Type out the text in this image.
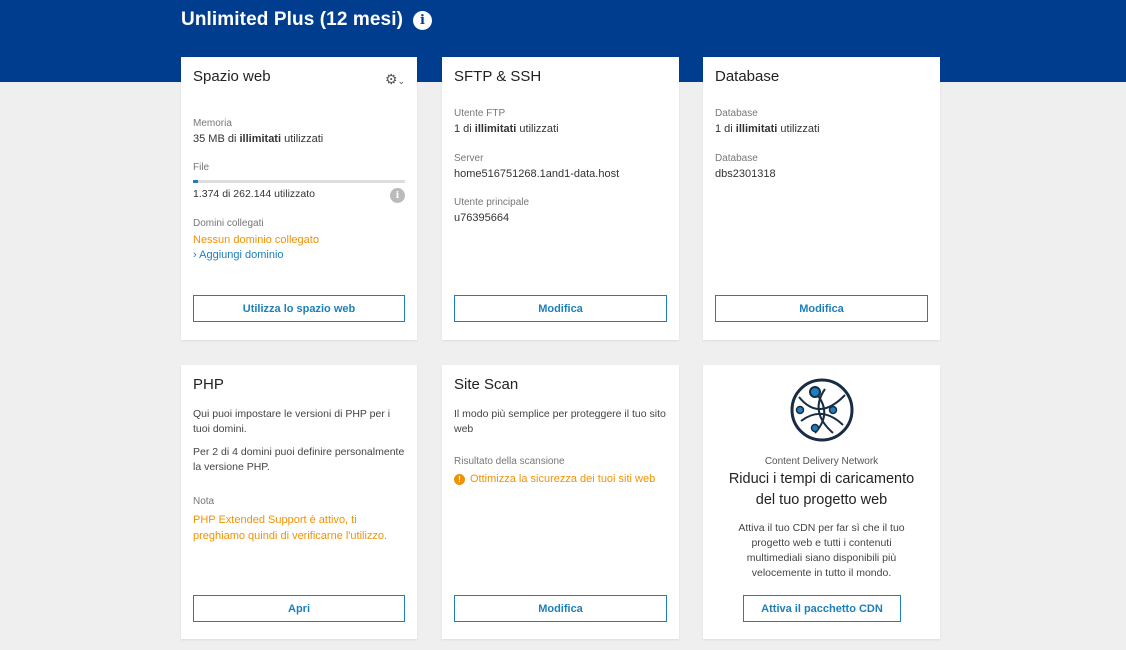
Unlimited Plus (12 mesi)	i
Spazio web	⚙⌄
Memoria
35 MB di illimitati utilizzati
File
1.374 di 262.144 utilizzato	i
Domini collegati
Nessun dominio collegato
› Aggiungi dominio
Utilizza lo spazio web
SFTP & SSH
Utente FTP
1 di illimitati utilizzati
Server
home516751268.1and1-data.host
Utente principale
u76395664
Modifica
Database
Database
1 di illimitati utilizzati
Database
dbs2301318
Modifica
PHP
Qui puoi impostare le versioni di PHP per i tuoi domini.
Per 2 di 4 domini puoi definire personalmente la versione PHP.
Nota
PHP Extended Support è attivo, ti preghiamo quindi di verificarne l'utilizzo.
Apri
Site Scan
Il modo più semplice per proteggere il tuo sito web
Risultato della scansione
! Ottimizza la sicurezza dei tuoi siti web
Modifica
Content Delivery Network
Riduci i tempi di caricamento del tuo progetto web
Attiva il tuo CDN per far sì che il tuo progetto web e tutti i contenuti multimediali siano disponibili più velocemente in tutto il mondo.
Attiva il pacchetto CDN
